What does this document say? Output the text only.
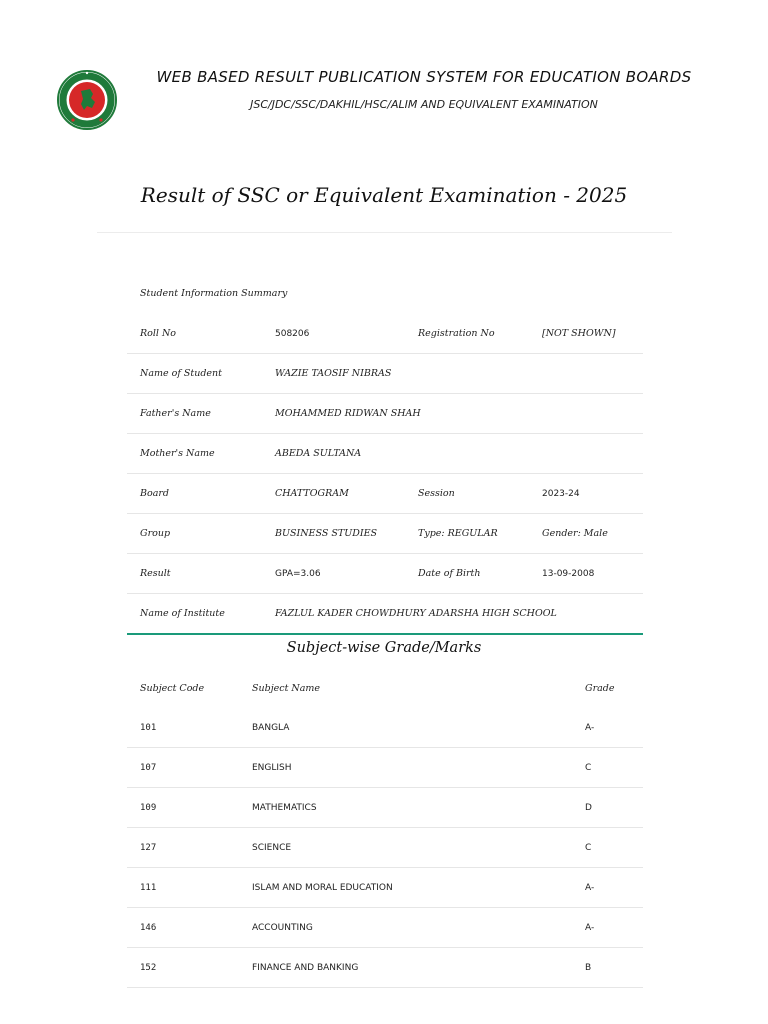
WEB BASED RESULT PUBLICATION SYSTEM FOR EDUCATION BOARDS
JSC/JDC/SSC/DAKHIL/HSC/ALIM AND EQUIVALENT EXAMINATION
Result of SSC or Equivalent Examination - 2025
Student Information Summary
Roll No	508206	Registration No	[NOT SHOWN]
Name of Student	WAZIE TAOSIF NIBRAS		
Father's Name	MOHAMMED RIDWAN SHAH		
Mother's Name	ABEDA SULTANA		
Board	CHATTOGRAM	Session	2023-24
Group	BUSINESS STUDIES	Type: REGULAR	Gender: Male
Result	GPA=3.06	Date of Birth	13-09-2008
Name of Institute	FAZLUL KADER CHOWDHURY ADARSHA HIGH SCHOOL		
Subject-wise Grade/Marks
Subject Code	Subject Name	Grade
101	BANGLA	A-
107	ENGLISH	C
109	MATHEMATICS	D
127	SCIENCE	C
111	ISLAM AND MORAL EDUCATION	A-
146	ACCOUNTING	A-
152	FINANCE AND BANKING	B
